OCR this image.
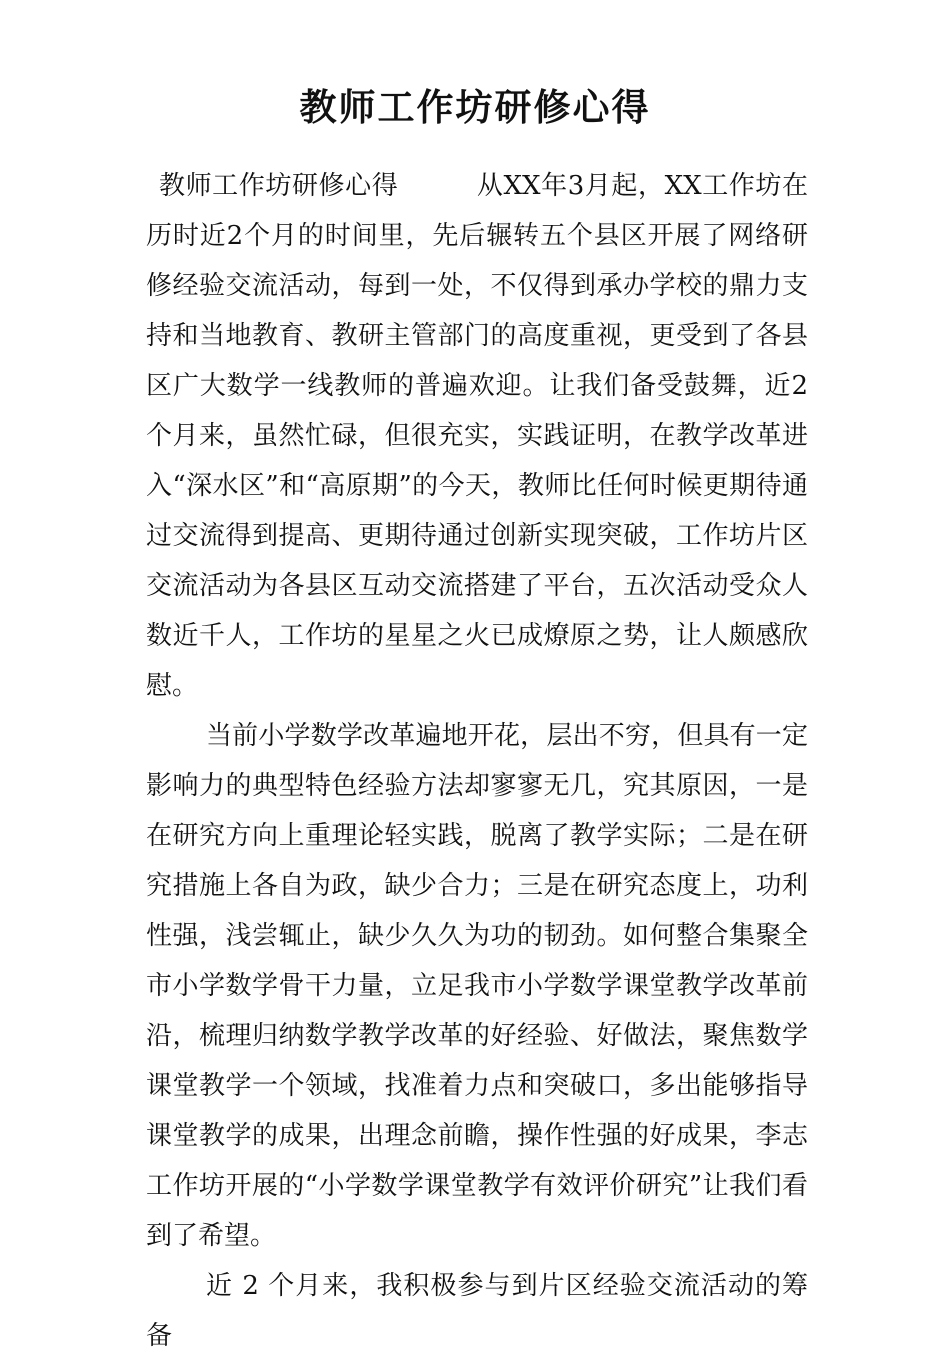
教师工作坊研修心得

教师工作坊研修心得	从XX年3月起，XX工作坊在历时近2个月的时间里，先后辗转五个县区开展了网络研修经验交流活动，每到一处，不仅得到承办学校的鼎力支持和当地教育、教研主管部门的高度重视，更受到了各县区广大数学一线教师的普遍欢迎。让我们备受鼓舞，近2个月来，虽然忙碌，但很充实，实践证明，在教学改革进入“深水区”和“高原期”的今天，教师比任何时候更期待通过交流得到提高、更期待通过创新实现突破，工作坊片区交流活动为各县区互动交流搭建了平台，五次活动受众人数近千人，工作坊的星星之火已成燎原之势，让人颇感欣慰。

当前小学数学改革遍地开花，层出不穷，但具有一定影响力的典型特色经验方法却寥寥无几，究其原因，一是在研究方向上重理论轻实践，脱离了教学实际；二是在研究措施上各自为政，缺少合力；三是在研究态度上，功利性强，浅尝辄止，缺少久久为功的韧劲。如何整合集聚全市小学数学骨干力量，立足我市小学数学课堂教学改革前沿，梳理归纳数学教学改革的好经验、好做法，聚焦数学课堂教学一个领域，找准着力点和突破口，多出能够指导课堂教学的成果，出理念前瞻，操作性强的好成果，李志工作坊开展的“小学数学课堂教学有效评价研究”让我们看到了希望。

近 2 个月来，我积极参与到片区经验交流活动的筹备
